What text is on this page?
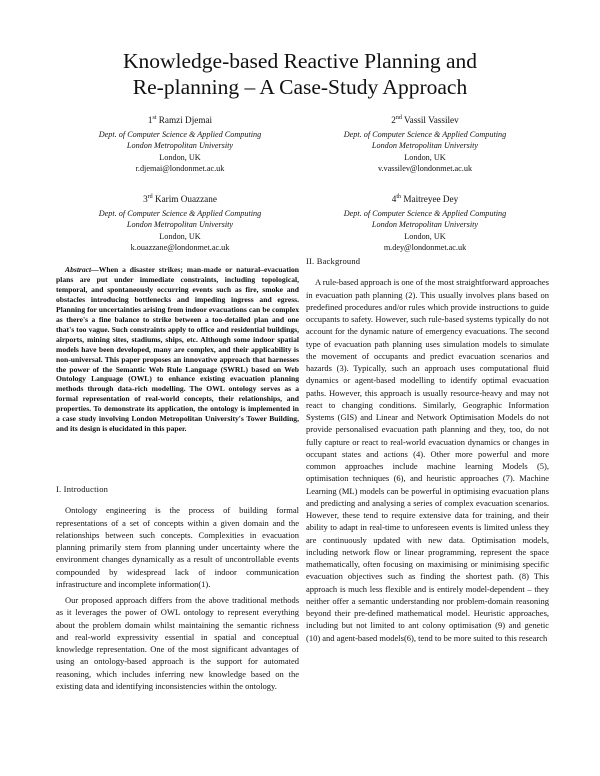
Knowledge-based Reactive Planning and
Re-planning – A Case-Study Approach
1st Ramzi Djemai
Dept. of Computer Science & Applied Computing
London Metropolitan University
London, UK
r.djemai@londonmet.ac.uk
2nd Vassil Vassilev
Dept. of Computer Science & Applied Computing
London Metropolitan University
London, UK
v.vassilev@londonmet.ac.uk
3rd Karim Ouazzane
Dept. of Computer Science & Applied Computing
London Metropolitan University
London, UK
k.ouazzane@londonmet.ac.uk
4th Maitreyee Dey
Dept. of Computer Science & Applied Computing
London Metropolitan University
London, UK
m.dey@londonmet.ac.uk

Abstract—When a disaster strikes; man-made or natural–evacuation plans are put under immediate constraints, including topological, temporal, and spontaneously occurring events such as fire, smoke and obstacles introducing bottlenecks and impeding ingress and egress. Planning for uncertainties arising from indoor evacuations can be complex as there's a fine balance to strike between a too-detailed plan and one that's too vague. Such constraints apply to office and residential buildings, airports, mining sites, stadiums, ships, etc. Although some indoor spatial models have been developed, many are complex, and their applicability is non-universal. This paper proposes an innovative approach that harnesses the power of the Semantic Web Rule Language (SWRL) based on Web Ontology Language (OWL) to enhance existing evacuation planning methods through data-rich modelling. The OWL ontology serves as a formal representation of real-world concepts, their relationships, and properties. To demonstrate its application, the ontology is implemented in a case study involving London Metropolitan University's Tower Building, and its design is elucidated in this paper.

I. Introduction

Ontology engineering is the process of building formal representations of a set of concepts within a given domain and the relationships between such concepts. Complexities in evacuation planning primarily stem from planning under uncertainty where the environment changes dynamically as a result of uncontrollable events compounded by widespread lack of indoor communication infrastructure and incomplete information(1).

Our proposed approach differs from the above traditional methods as it leverages the power of OWL ontology to represent everything about the problem domain whilst maintaining the semantic richness and real-world expressivity essential in spatial and conceptual knowledge representation. One of the most significant advantages of using an ontology-based approach is the support for automated reasoning, which includes inferring new knowledge based on the existing data and identifying inconsistencies within the ontology.

II. Background

A rule-based approach is one of the most straightforward approaches in evacuation path planning (2). This usually involves plans based on predefined procedures and/or rules which provide instructions to guide occupants to safety. However, such rule-based systems typically do not account for the dynamic nature of emergency evacuations. The second type of evacuation path planning uses simulation models to simulate the movement of occupants and predict evacuation scenarios and hazards (3). Typically, such an approach uses computational fluid dynamics or agent-based modelling to identify optimal evacuation paths. However, this approach is usually resource-heavy and may not react to changing conditions. Similarly, Geographic Information Systems (GIS) and Linear and Network Optimisation Models do not provide personalised evacuation path planning and they, too, do not fully capture or react to real-world evacuation dynamics or changes in occupant states and actions (4). Other more powerful and more common approaches include machine learning Models (5), optimisation techniques (6), and heuristic approaches (7). Machine Learning (ML) models can be powerful in optimising evacuation plans and predicting and analysing a series of complex evacuation scenarios. However, these tend to require extensive data for training, and their ability to adapt in real-time to unforeseen events is limited unless they are continuously updated with new data. Optimisation models, including network flow or linear programming, represent the space mathematically, often focusing on maximising or minimising specific evacuation objectives such as finding the shortest path. (8) This approach is much less flexible and is entirely model-dependent – they neither offer a semantic understanding nor problem-domain reasoning beyond their pre-defined mathematical model. Heuristic approaches, including but not limited to ant colony optimisation (9) and genetic (10) and agent-based models(6), tend to be more suited to this research
